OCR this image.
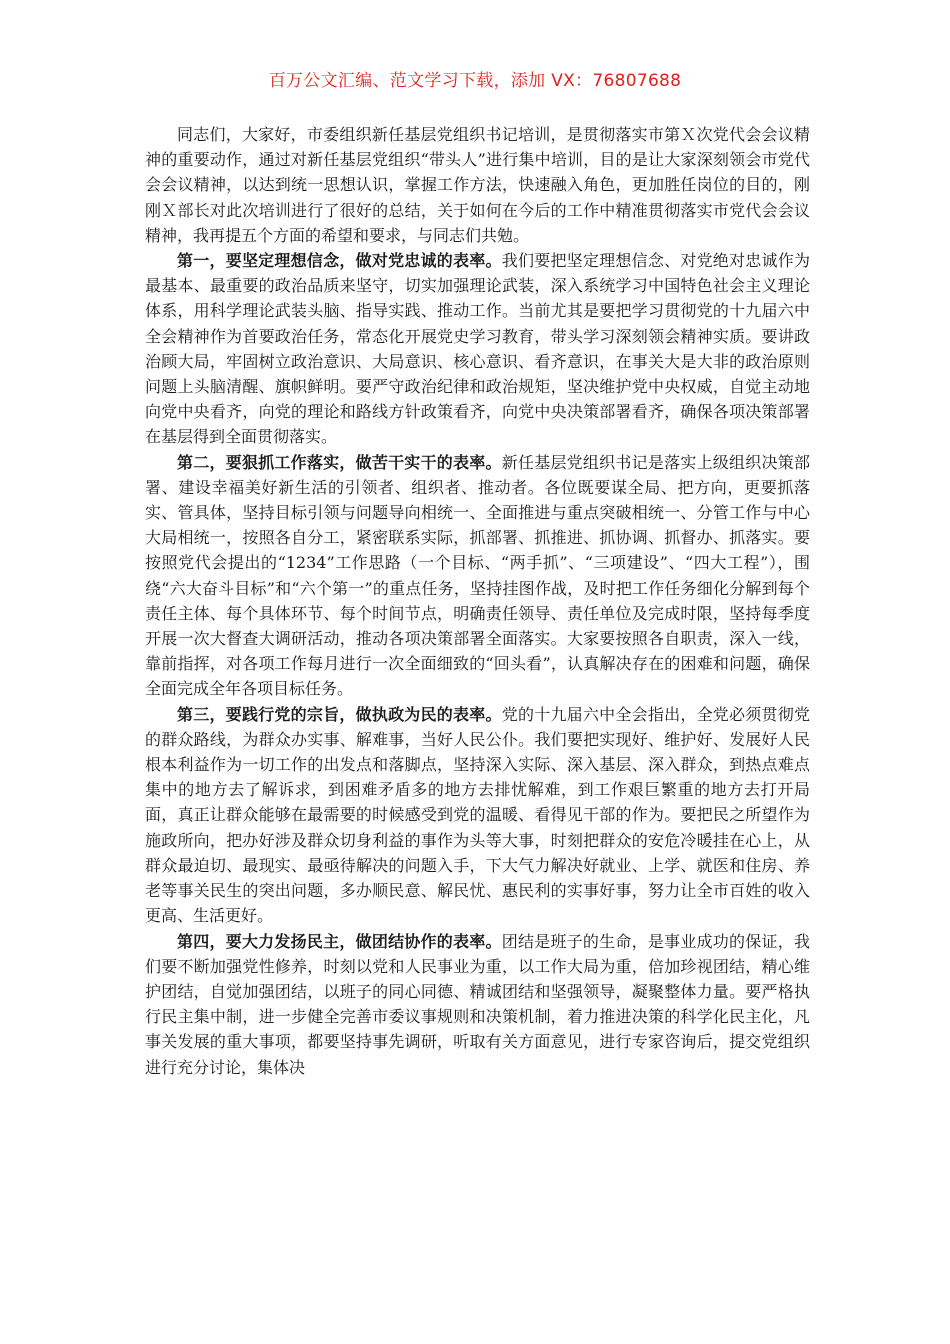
百万公文汇编、范文学习下载，添加 VX：76807688

同志们，大家好，市委组织新任基层党组织书记培训，是贯彻落实市第Ｘ次党代会会议精神的重要动作，通过对新任基层党组织“带头人”进行集中培训，目的是让大家深刻领会市党代会会议精神，以达到统一思想认识，掌握工作方法，快速融入角色，更加胜任岗位的目的，刚刚Ｘ部长对此次培训进行了很好的总结，关于如何在今后的工作中精准贯彻落实市党代会会议精神，我再提五个方面的希望和要求，与同志们共勉。

第一，要坚定理想信念，做对党忠诚的表率。我们要把坚定理想信念、对党绝对忠诚作为最基本、最重要的政治品质来坚守，切实加强理论武装，深入系统学习中国特色社会主义理论体系，用科学理论武装头脑、指导实践、推动工作。当前尤其是要把学习贯彻党的十九届六中全会精神作为首要政治任务，常态化开展党史学习教育，带头学习深刻领会精神实质。要讲政治顾大局，牢固树立政治意识、大局意识、核心意识、看齐意识，在事关大是大非的政治原则问题上头脑清醒、旗帜鲜明。要严守政治纪律和政治规矩，坚决维护党中央权威，自觉主动地向党中央看齐，向党的理论和路线方针政策看齐，向党中央决策部署看齐，确保各项决策部署在基层得到全面贯彻落实。

第二，要狠抓工作落实，做苦干实干的表率。新任基层党组织书记是落实上级组织决策部署、建设幸福美好新生活的引领者、组织者、推动者。各位既要谋全局、把方向，更要抓落实、管具体，坚持目标引领与问题导向相统一、全面推进与重点突破相统一、分管工作与中心大局相统一，按照各自分工，紧密联系实际，抓部署、抓推进、抓协调、抓督办、抓落实。要按照党代会提出的“1234”工作思路（一个目标、“两手抓”、“三项建设”、“四大工程”），围绕“六大奋斗目标”和“六个第一”的重点任务，坚持挂图作战，及时把工作任务细化分解到每个责任主体、每个具体环节、每个时间节点，明确责任领导、责任单位及完成时限，坚持每季度开展一次大督查大调研活动，推动各项决策部署全面落实。大家要按照各自职责，深入一线，靠前指挥，对各项工作每月进行一次全面细致的“回头看”，认真解决存在的困难和问题，确保全面完成全年各项目标任务。

第三，要践行党的宗旨，做执政为民的表率。党的十九届六中全会指出，全党必须贯彻党的群众路线，为群众办实事、解难事，当好人民公仆。我们要把实现好、维护好、发展好人民根本利益作为一切工作的出发点和落脚点，坚持深入实际、深入基层、深入群众，到热点难点集中的地方去了解诉求，到困难矛盾多的地方去排忧解难，到工作艰巨繁重的地方去打开局面，真正让群众能够在最需要的时候感受到党的温暖、看得见干部的作为。要把民之所望作为施政所向，把办好涉及群众切身利益的事作为头等大事，时刻把群众的安危冷暖挂在心上，从群众最迫切、最现实、最亟待解决的问题入手，下大气力解决好就业、上学、就医和住房、养老等事关民生的突出问题，多办顺民意、解民忧、惠民利的实事好事，努力让全市百姓的收入更高、生活更好。

第四，要大力发扬民主，做团结协作的表率。团结是班子的生命，是事业成功的保证，我们要不断加强党性修养，时刻以党和人民事业为重，以工作大局为重，倍加珍视团结，精心维护团结，自觉加强团结，以班子的同心同德、精诚团结和坚强领导，凝聚整体力量。要严格执行民主集中制，进一步健全完善市委议事规则和决策机制，着力推进决策的科学化民主化，凡事关发展的重大事项，都要坚持事先调研，听取有关方面意见，进行专家咨询后，提交党组织进行充分讨论，集体决
